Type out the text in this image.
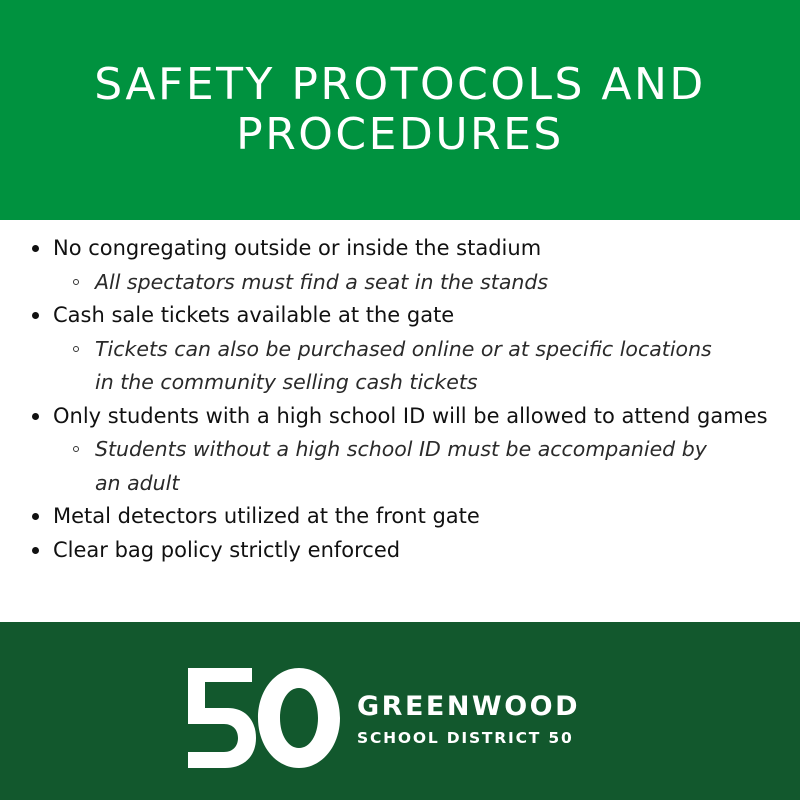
SAFETY PROTOCOLS AND PROCEDURES
No congregating outside or inside the stadium
All spectators must find a seat in the stands
Cash sale tickets available at the gate
Tickets can also be purchased online or at specific locations in the community selling cash tickets
Only students with a high school ID will be allowed to attend games
Students without a high school ID must be accompanied by an adult
Metal detectors utilized at the front gate
Clear bag policy strictly enforced
GREENWOOD
SCHOOL DISTRICT 50
